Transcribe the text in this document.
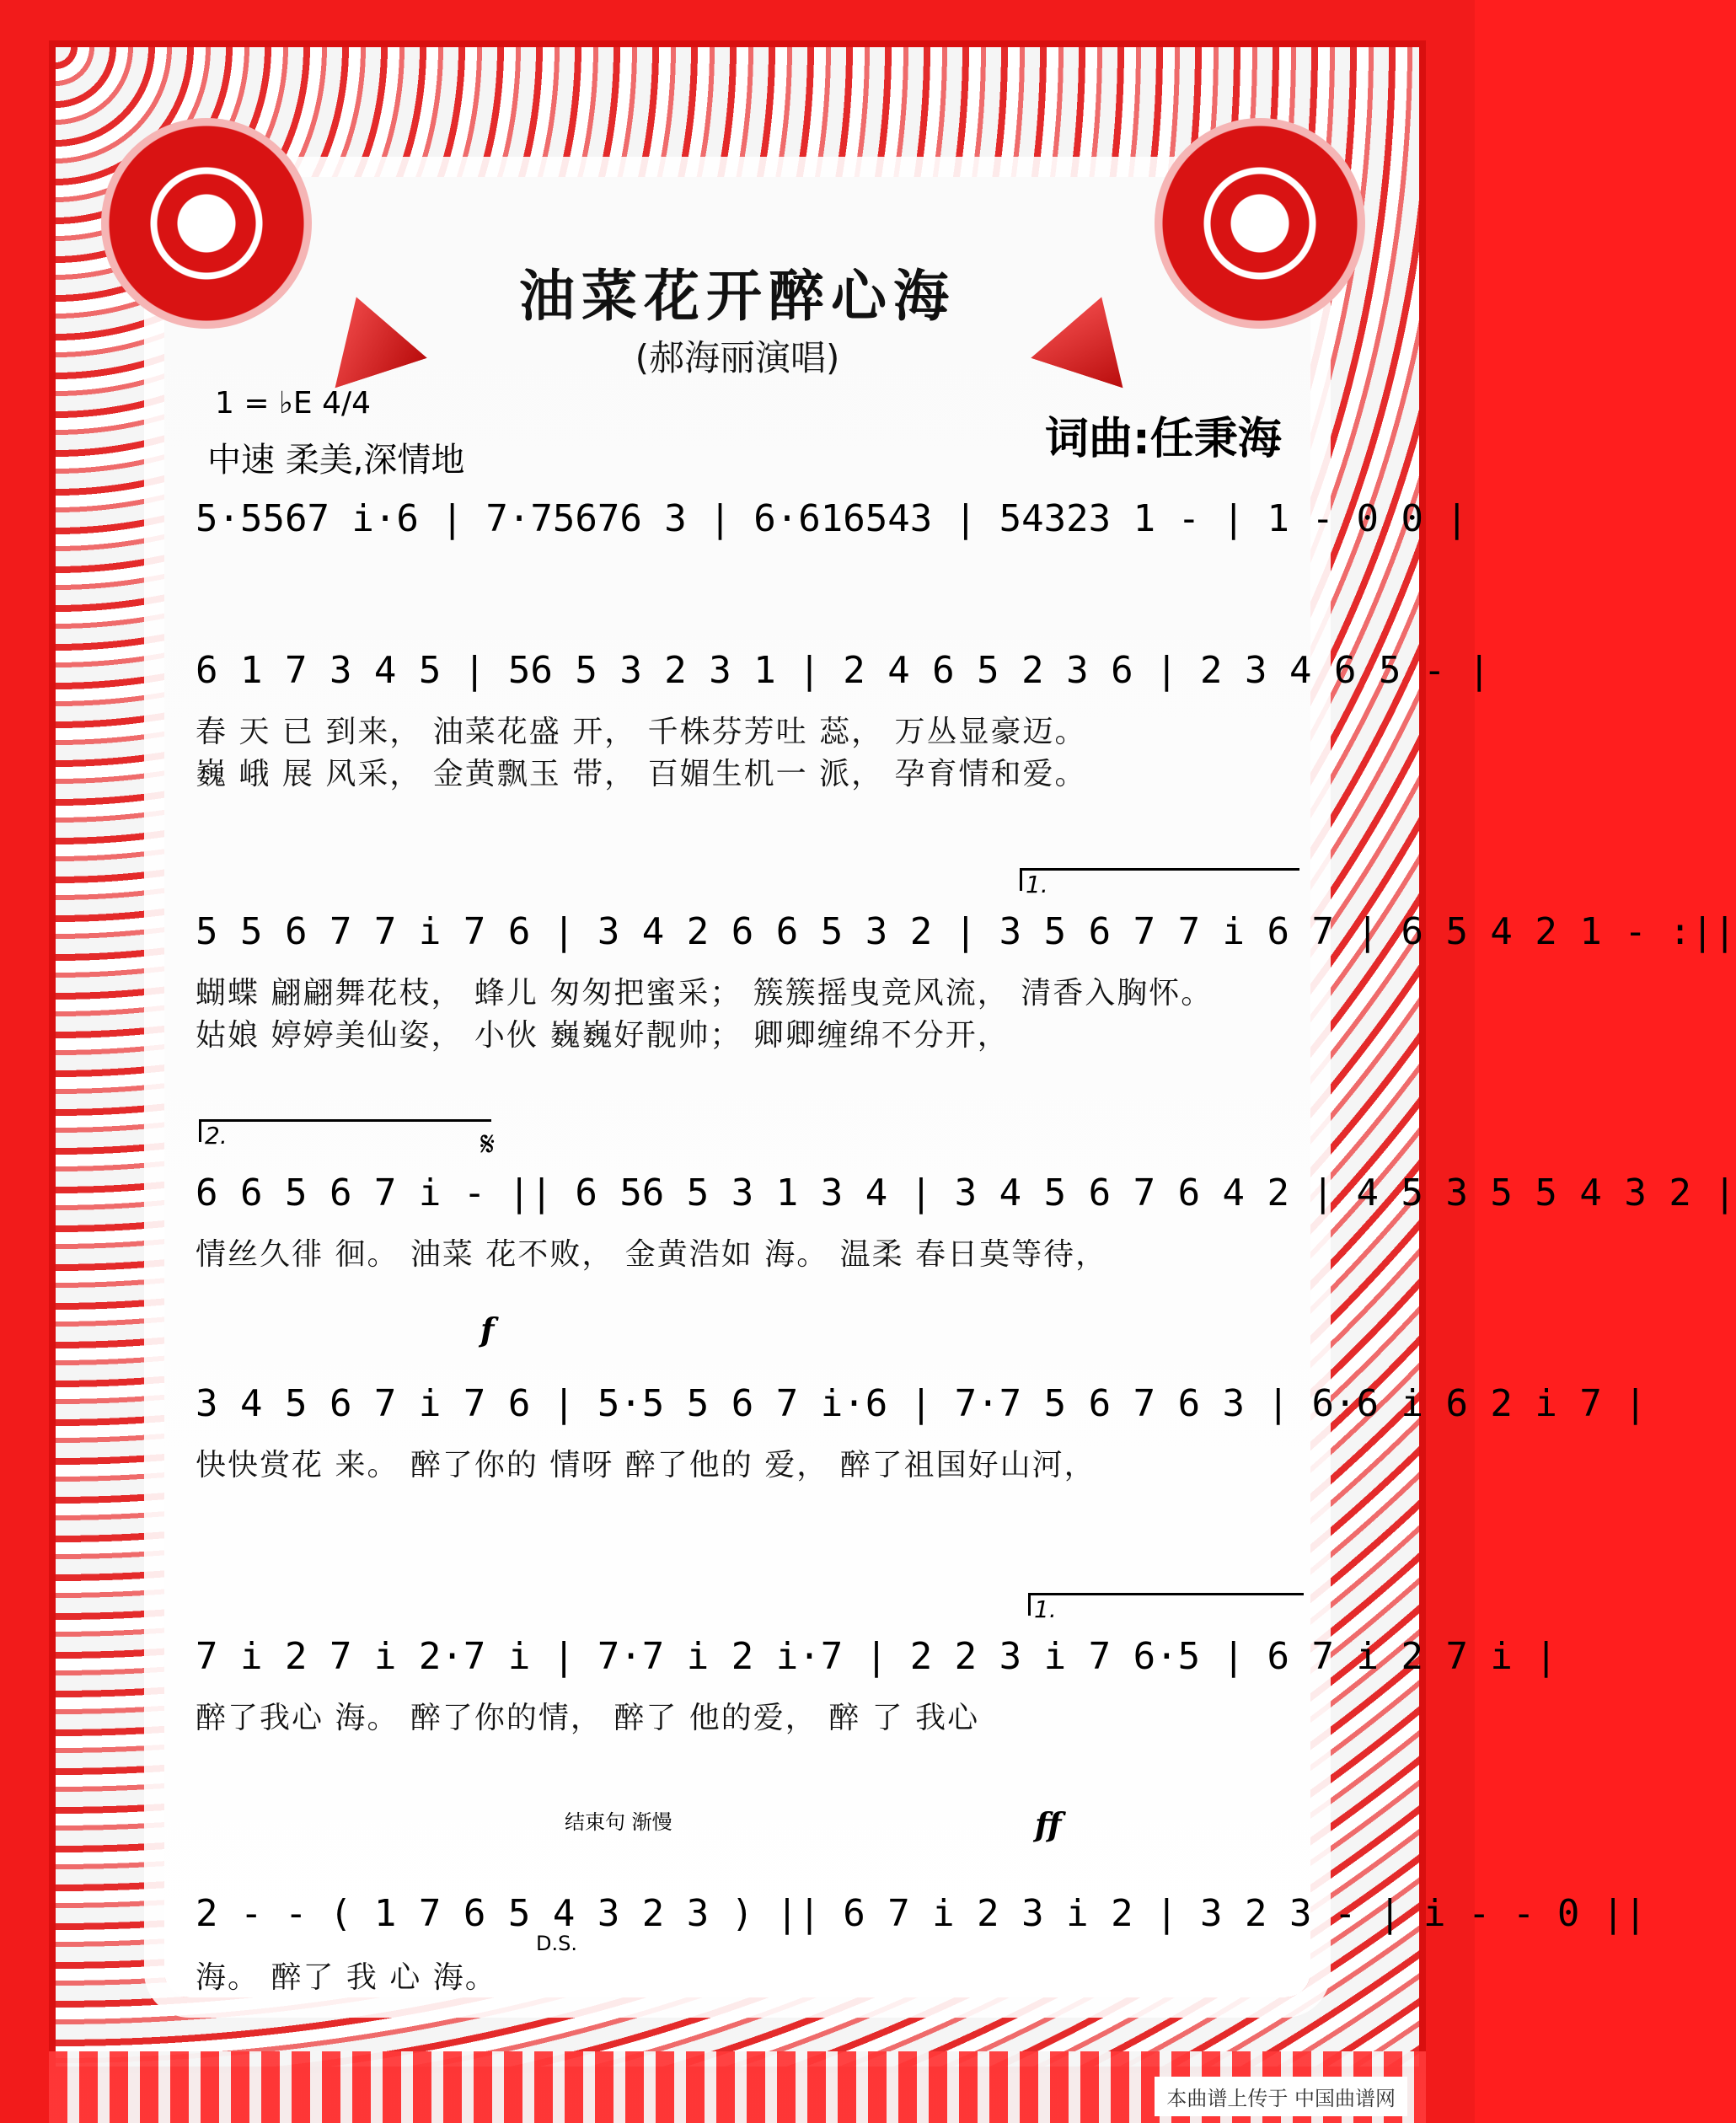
油菜花开醉心海
(郝海丽演唱)
1 = ♭E 4/4
中速 柔美,深情地	词曲:任秉海
5·5567 i·6 | 7·75676 3 | 6·616543 | 54323 1 - | 1 - 0 0 |
6 1 7 3 4 5 | 56 5 3 2 3 1 | 2 4 6 5 2 3 6 | 2 3 4 6 5 - |
春 天 已 到来， 油菜花盛 开， 千株芬芳吐 蕊， 万丛显豪迈。
巍 峨 展 风采， 金黄飘玉 带， 百媚生机一 派， 孕育情和爱。
1.
5 5 6 7 7 i 7 6 | 3 4 2 6 6 5 3 2 | 3 5 6 7 7 i 6 7 | 6 5 4 2 1 - :||
蝴蝶 翩翩舞花枝， 蜂儿 匆匆把蜜采； 簇簇摇曳竞风流， 清香入胸怀。
姑娘 婷婷美仙姿， 小伙 巍巍好靓帅； 卿卿缠绵不分开，
2.	𝄋
6 6 5 6 7 i - || 6 56 5 3 1 3 4 | 3 4 5 6 7 6 4 2 | 4 5 3 5 5 4 3 2 |
情丝久徘 徊。 油菜 花不败， 金黄浩如 海。 温柔 春日莫等待，
f
3 4 5 6 7 i 7 6 | 5·5 5 6 7 i·6 | 7·7 5 6 7 6 3 | 6·6 i 6 2 i 7 |
快快赏花 来。 醉了你的 情呀 醉了他的 爱， 醉了祖国好山河，
1.
7 i 2 7 i 2·7 i | 7·7 i 2 i·7 | 2 2 3 i 7 6·5 | 6 7 i 2 7 i |
醉了我心 海。 醉了你的情， 醉了 他的爱， 醉 了 我心
结束句 渐慢	ff
2 - - ( 1 7 6 5 4 3 2 3 ) || 6 7 i 2 3 i 2 | 3 2 3 - | i - - 0 ||
D.S.
海。 醉了 我 心 海。
本曲谱上传于 中国曲谱网
